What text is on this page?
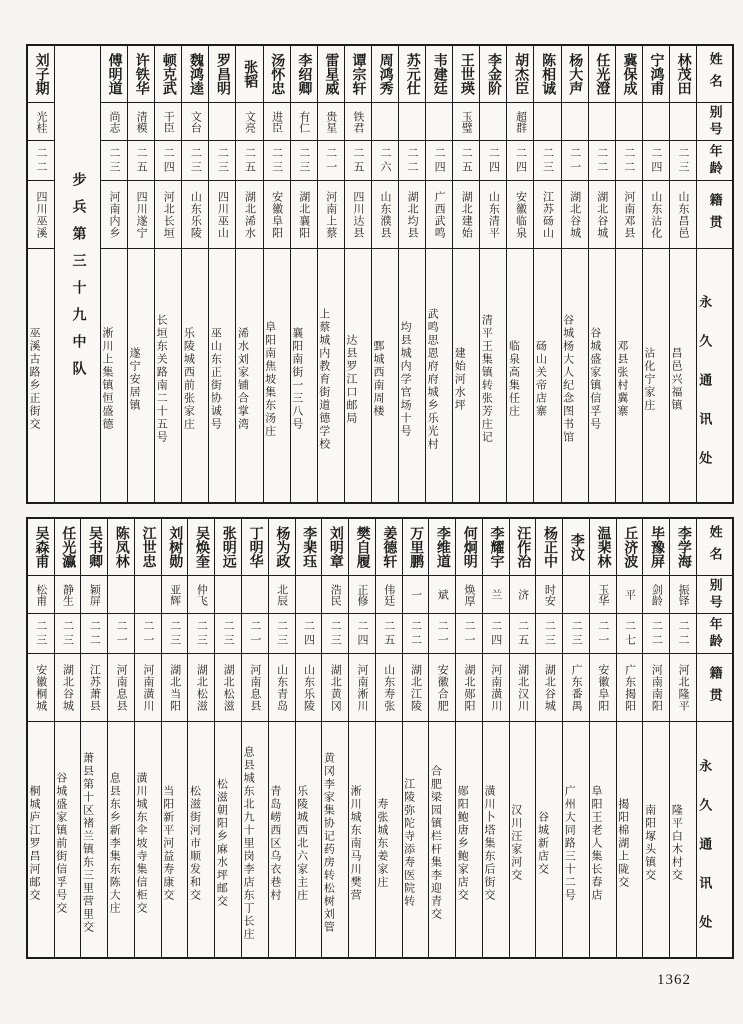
姓名
别号
年龄
籍贯
永久通讯处
林茂田
二三
山东昌邑
昌邑兴福镇
宁鸿甫
二四
山东沾化
沾化宁家庄
冀保成
二二
河南邓县
邓县张村冀寨
任光澄
二二
湖北谷城
谷城盛家镇信孚号
杨大声
二一
湖北谷城
谷城杨大人纪念图书馆
陈相诚
二三
江苏砀山
砀山关帝店寨
胡杰臣
超群
二四
安徽临泉
临泉高集任庄
李金阶
二四
山东清平
清平王集镇转张芳庄记
王世瑛
玉璧
二五
湖北建始
建始河水坪
韦建廷
二四
广西武鸣
武鸣思恩府府城乡乐光村
苏元仕
二二
湖北均县
均县城内学官场十号
周鸿秀
二六
山东濮县
鄄城西南周楼
谭宗轩
铁君
二五
四川达县
达县罗江口邮局
雷星威
贵星
二一
河南上蔡
上蔡城内教育街道德学校
李绍卿
有仁
二三
湖北襄阳
襄阳南街一三八号
汤怀忠
进臣
二三
安徽阜阳
阜阳南焦坡集东汤庄
张韬
文亮
二五
湖北浠水
浠水刘家铺合掌湾
罗昌明
二三
四川巫山
巫山东正街协诚号
魏鸿逵
文台
二三
山东乐陵
乐陵城西前张家庄
顿克武
干臣
二四
河北长垣
长垣东关路南二十五号
许铁华
清模
二五
四川遂宁
遂宁安居镇
傅明道
尚志
二三
河南内乡
淅川上集镇恒盛德
步兵第三十九中队
刘子期
光桂
二二
四川巫溪
巫溪古路乡正街交
姓名
别号
年龄
籍贯
永久通讯处
李学海
振铎
二二
河北隆平
隆平白木村交
毕豫屏
剑龄
二二
河南南阳
南阳塚头镇交
丘济波
平
二七
广东揭阳
揭阳棉湖上陇交
温棐林
玉华
二一
安徽阜阳
阜阳王老人集长春店
李汶
二三
广东番禺
广州大同路三十二号
杨正中
时安
二三
湖北谷城
谷城新店交
汪作治
济
二五
湖北汉川
汉川汪家河交
李耀宇
兰
二四
河南潢川
潢川卜塔集东后街交
何炯明
焕厚
二一
湖北郧阳
郧阳鲍唐乡鲍家店交
李维道
斌
二一
安徽合肥
合肥梁园镇栏杆集李迎青交
万里鹏
一
二二
湖北江陵
江陵弥陀寺添寿医院转
姜德轩
伟廷
二五
山东寿张
寿张城东姜家庄
樊自履
正修
二四
河南淅川
淅川城东南马川樊营
刘明章
浩民
二三
湖北黄冈
黄冈李家集协记药房转松树刘管
李棐珏
二四
山东乐陵
乐陵城西北六家主庄
杨为政
北辰
二三
山东青岛
青岛崂西区乌衣巷村
丁明华
二一
河南息县
息县城东北九十里岗李店东丁长庄
张明远
二三
湖北松滋
松滋朝阳乡麻水坪邮交
吴焕奎
仲飞
二三
湖北松滋
松滋街河市顺发和交
刘树勋
亚辉
二三
湖北当阳
当阳新平河益寿康交
江世忠
二一
河南潢川
潢川城东伞坡寺集信柜交
陈凤林
二一
河南息县
息县东乡新李集东陈大庄
吴书卿
颖屏
二二
江苏萧县
萧县第十区褚兰镇东三里营里交
任光瀛
静生
二三
湖北谷城
谷城盛家镇前街信孚号交
吴森甫
松甫
二三
安徽桐城
桐城庐江罗昌河邮交
1362
